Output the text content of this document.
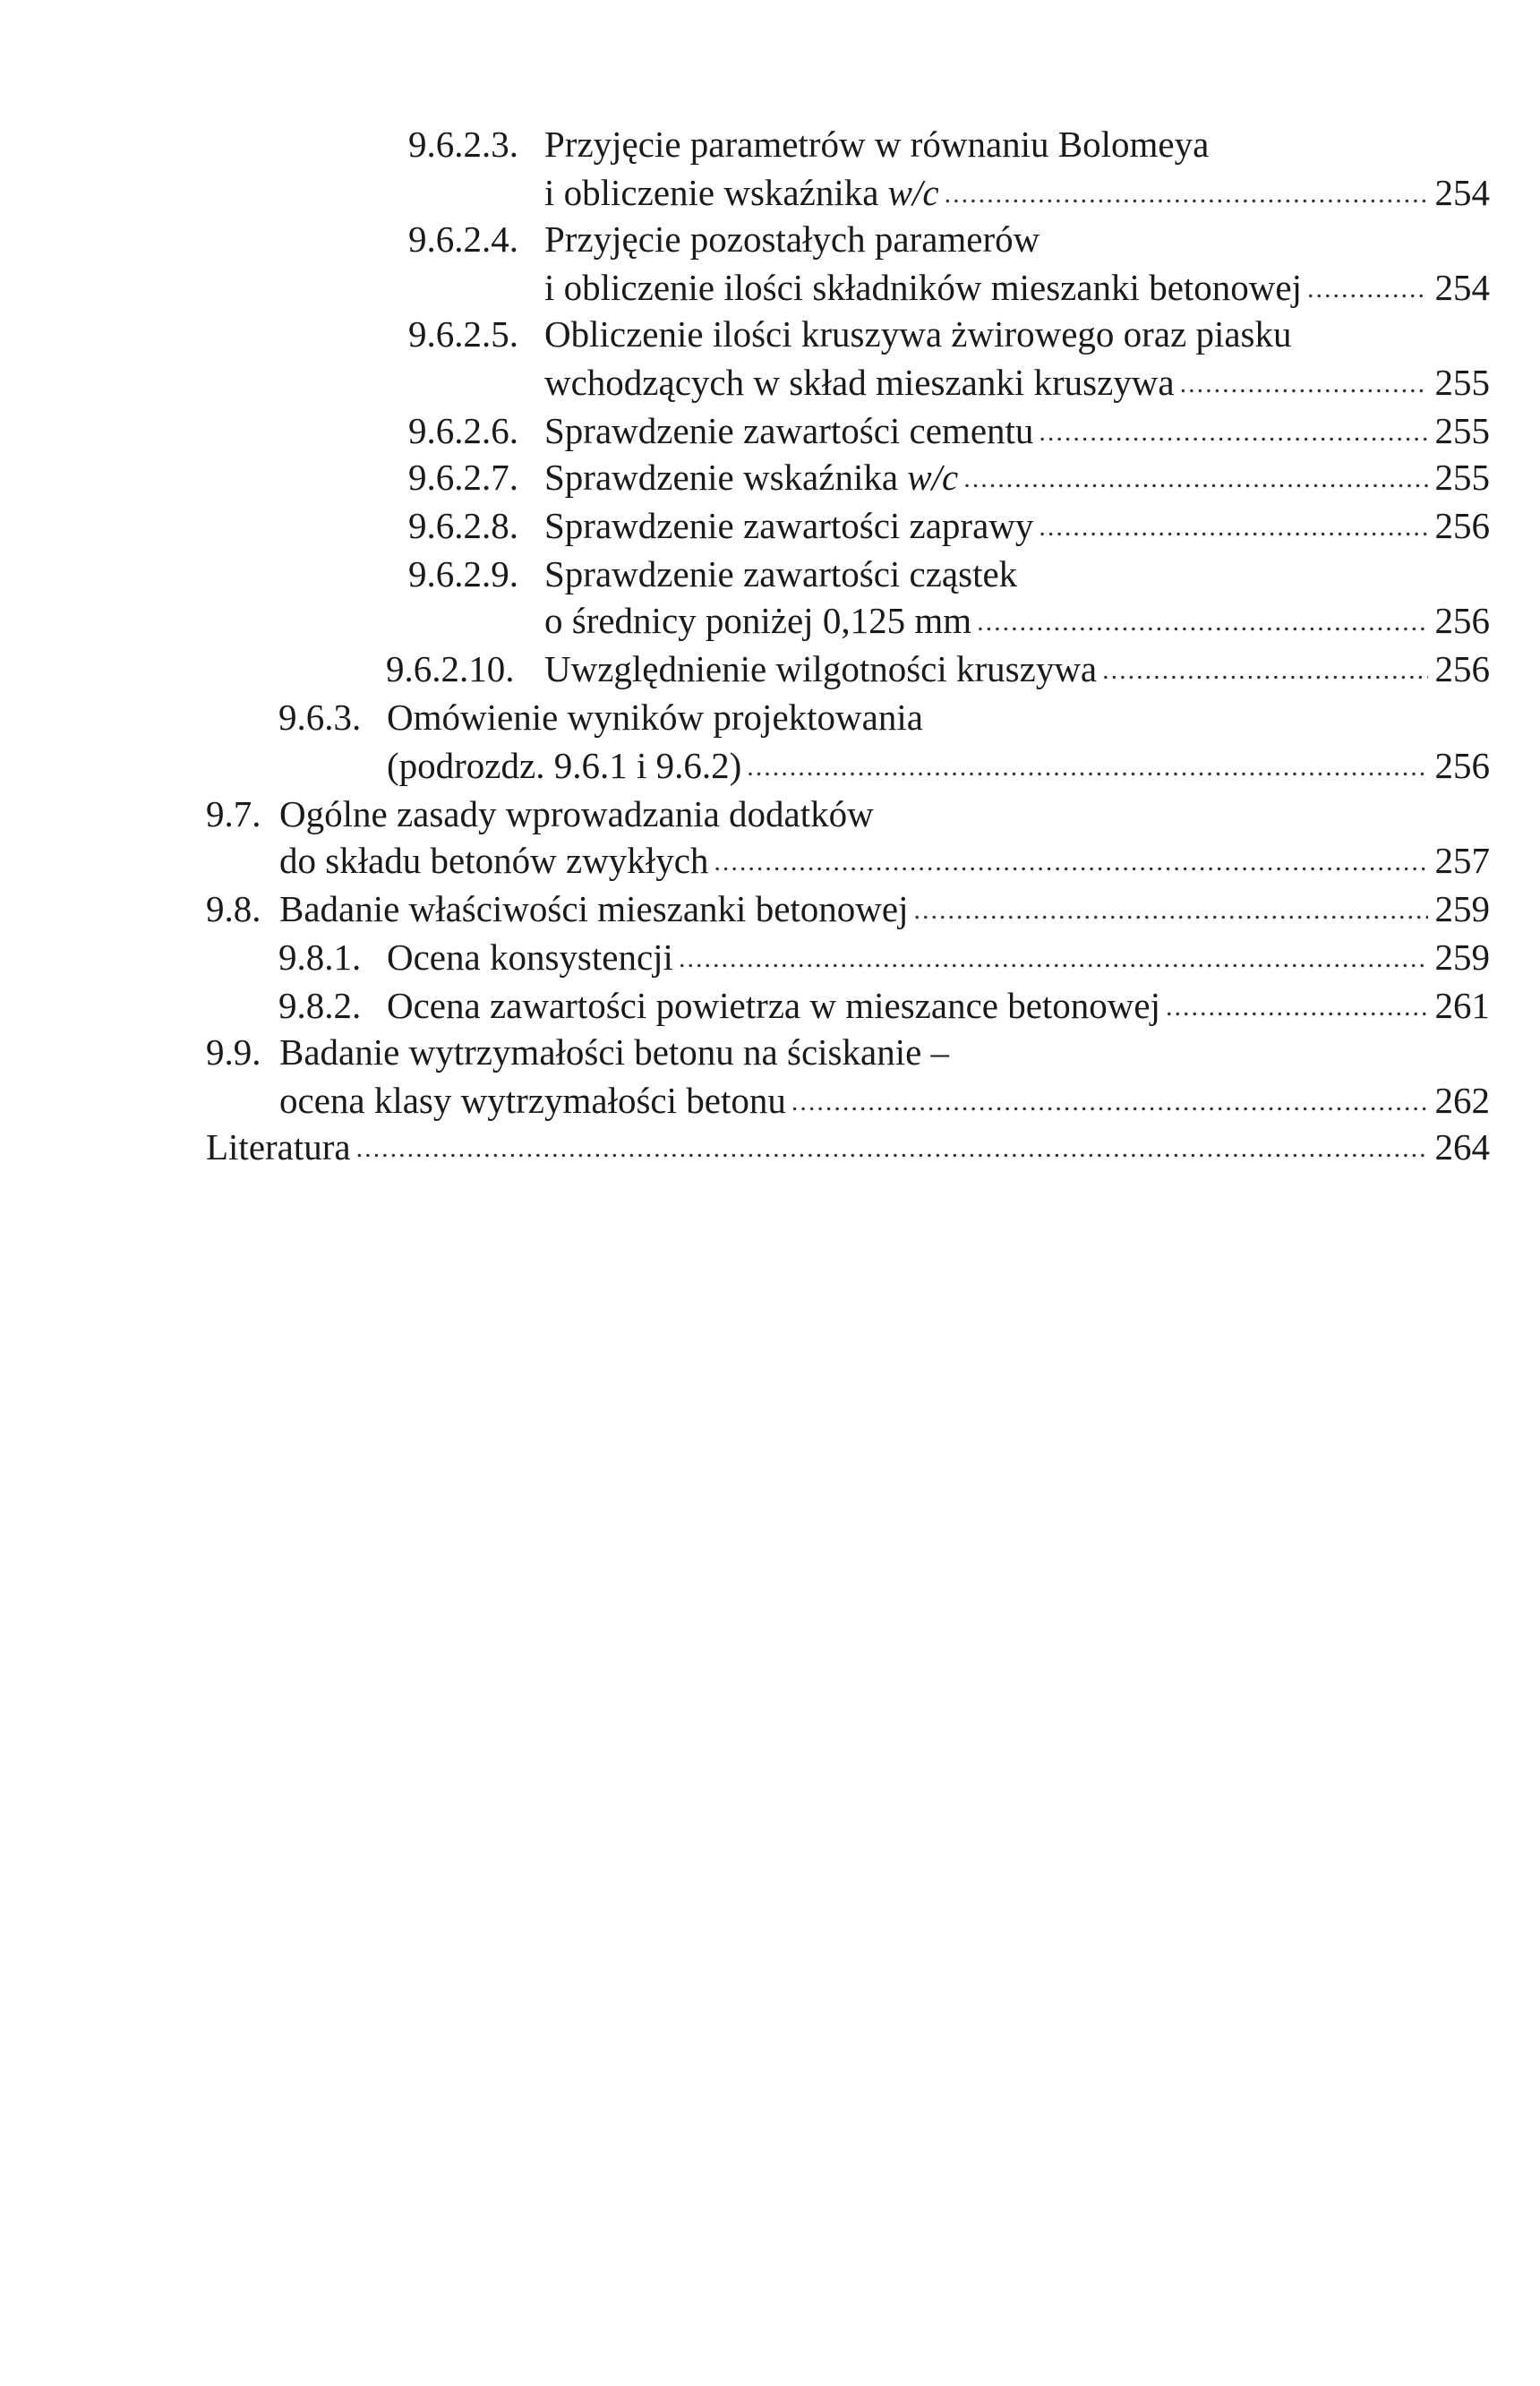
9.6.2.3. Przyjęcie parametrów w równaniu Bolomeya
i obliczenie wskaźnika w/c .....	254
9.6.2.4. Przyjęcie pozostałych paramerów
i obliczenie ilości składników mieszanki betonowej .....	254
9.6.2.5. Obliczenie ilości kruszywa żwirowego oraz piasku
wchodzących w skład mieszanki kruszywa .....	255
9.6.2.6. Sprawdzenie zawartości cementu .....	255
9.6.2.7. Sprawdzenie wskaźnika w/c .....	255
9.6.2.8. Sprawdzenie zawartości zaprawy .....	256
9.6.2.9. Sprawdzenie zawartości cząstek
o średnicy poniżej 0,125 mm .....	256
9.6.2.10. Uwzględnienie wilgotności kruszywa .....	256
9.6.3. Omówienie wyników projektowania
(podrozdz. 9.6.1 i 9.6.2) .....	256
9.7. Ogólne zasady wprowadzania dodatków
do składu betonów zwykłych .....	257
9.8. Badanie właściwości mieszanki betonowej .....	259
9.8.1. Ocena konsystencji .....	259
9.8.2. Ocena zawartości powietrza w mieszance betonowej .....	261
9.9. Badanie wytrzymałości betonu na ściskanie –
ocena klasy wytrzymałości betonu .....	262
Literatura .....	264
